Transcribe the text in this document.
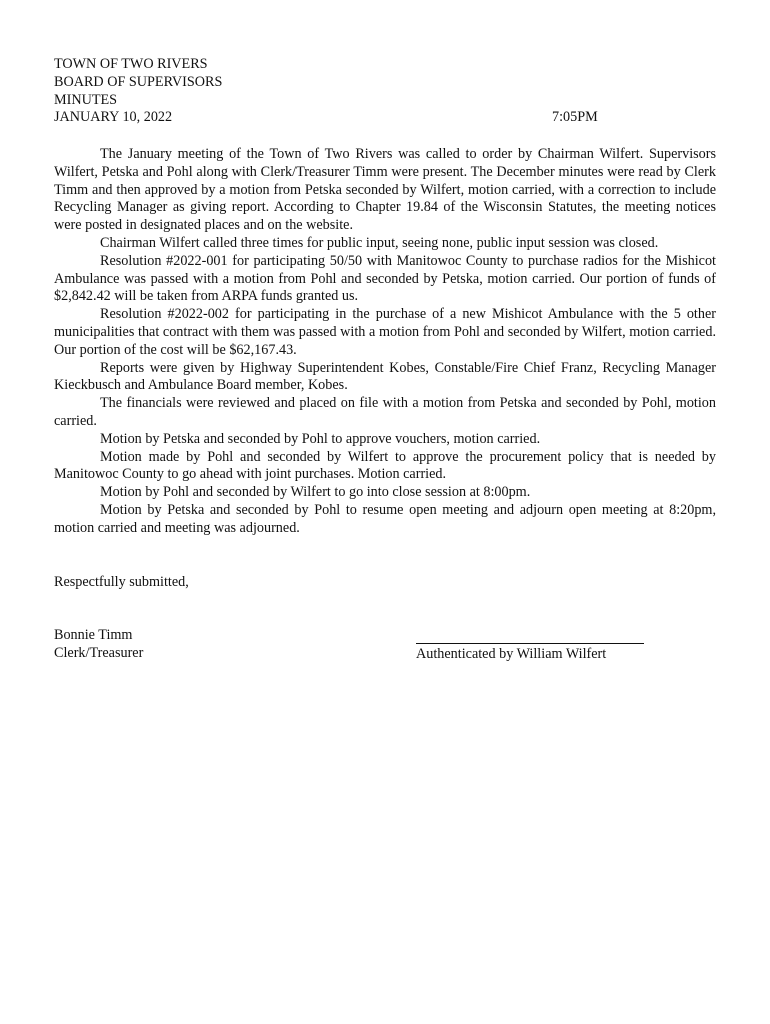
TOWN OF TWO RIVERS
BOARD OF SUPERVISORS
MINUTES
JANUARY 10, 2022	7:05PM

The January meeting of the Town of Two Rivers was called to order by Chairman Wilfert. Supervisors Wilfert, Petska and Pohl along with Clerk/Treasurer Timm were present. The December minutes were read by Clerk Timm and then approved by a motion from Petska seconded by Wilfert, motion carried, with a correction to include Recycling Manager as giving report. According to Chapter 19.84 of the Wisconsin Statutes, the meeting notices were posted in designated places and on the website.

Chairman Wilfert called three times for public input, seeing none, public input session was closed.

Resolution #2022-001 for participating 50/50 with Manitowoc County to purchase radios for the Mishicot Ambulance was passed with a motion from Pohl and seconded by Petska, motion carried. Our portion of funds of $2,842.42 will be taken from ARPA funds granted us.

Resolution #2022-002 for participating in the purchase of a new Mishicot Ambulance with the 5 other municipalities that contract with them was passed with a motion from Pohl and seconded by Wilfert, motion carried. Our portion of the cost will be $62,167.43.

Reports were given by Highway Superintendent Kobes, Constable/Fire Chief Franz, Recycling Manager Kieckbusch and Ambulance Board member, Kobes.

The financials were reviewed and placed on file with a motion from Petska and seconded by Pohl, motion carried.

Motion by Petska and seconded by Pohl to approve vouchers, motion carried.

Motion made by Pohl and seconded by Wilfert to approve the procurement policy that is needed by Manitowoc County to go ahead with joint purchases. Motion carried.

Motion by Pohl and seconded by Wilfert to go into close session at 8:00pm.

Motion by Petska and seconded by Pohl to resume open meeting and adjourn open meeting at 8:20pm, motion carried and meeting was adjourned.

Respectfully submitted,
Bonnie Timm
Clerk/Treasurer	Authenticated by William Wilfert
